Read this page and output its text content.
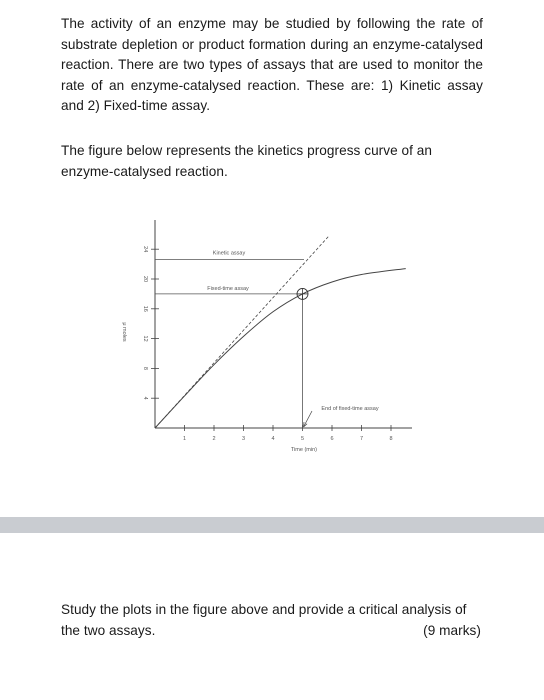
The activity of an enzyme may be studied by following the rate of substrate depletion or product formation during an enzyme-catalysed reaction. There are two types of assays that are used to monitor the rate of an enzyme-catalysed reaction. These are: 1) Kinetic assay and 2) Fixed-time assay.
The figure below represents the kinetics progress curve of an enzyme-catalysed reaction.
1	2	3	4	5	6	7	8
4
8
12
16
20
24
Time (min)
μ moles
Kinetic assay
Fixed-time assay
End of fixed-time assay
Study the plots in the figure above and provide a critical analysis of the two assays.	(9 marks)
